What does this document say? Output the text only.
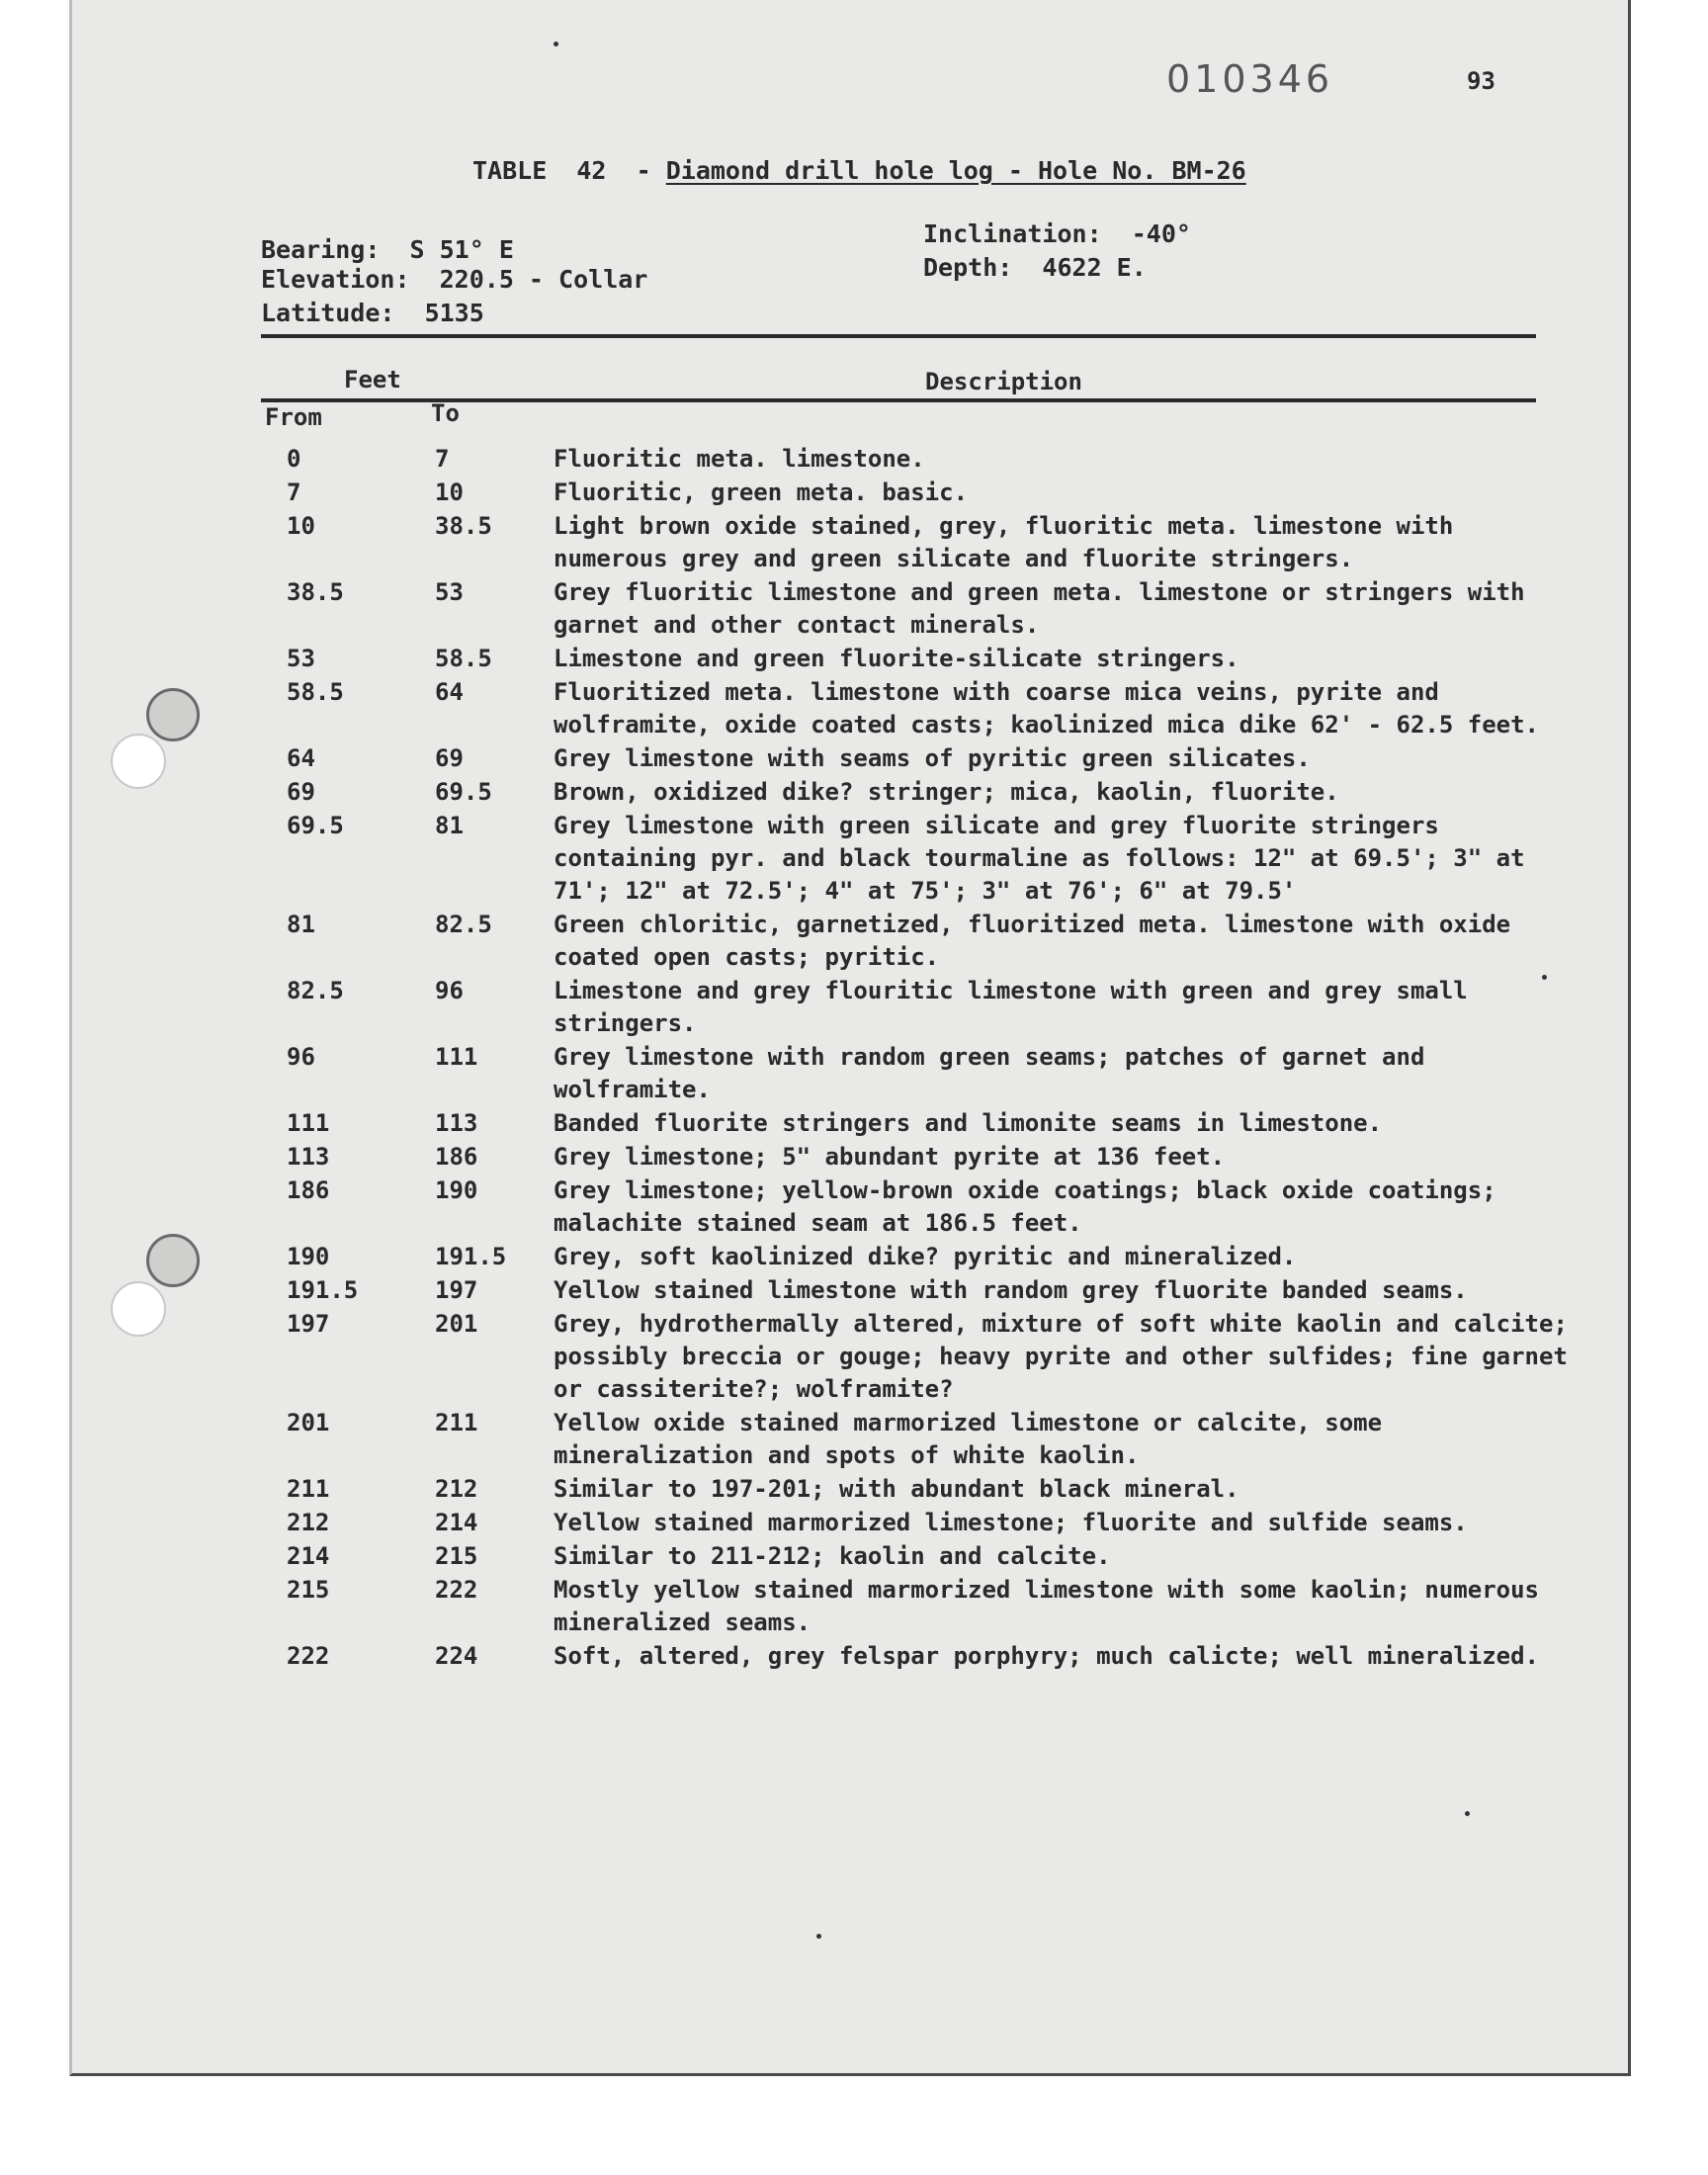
010346	93
TABLE 42 - Diamond drill hole log - Hole No. BM-26
Bearing: S 51° E
Elevation: 220.5 - Collar
Latitude: 5135
Inclination: -40°
Depth: 4622 E.
Feet
From	To
Description
0	7	Fluoritic meta. limestone.
7	10	Fluoritic, green meta. basic.
10	38.5	Light brown oxide stained, grey, fluoritic meta. limestone with numerous grey and green silicate and fluorite stringers.
38.5	53	Grey fluoritic limestone and green meta. limestone or stringers with garnet and other contact minerals.
53	58.5	Limestone and green fluorite-silicate stringers.
58.5	64	Fluoritized meta. limestone with coarse mica veins, pyrite and wolframite, oxide coated casts; kaolinized mica dike 62' - 62.5 feet.
64	69	Grey limestone with seams of pyritic green silicates.
69	69.5	Brown, oxidized dike? stringer; mica, kaolin, fluorite.
69.5	81	Grey limestone with green silicate and grey fluorite stringers containing pyr. and black tourmaline as follows: 12" at 69.5'; 3" at 71'; 12" at 72.5'; 4" at 75'; 3" at 76'; 6" at 79.5'
81	82.5	Green chloritic, garnetized, fluoritized meta. limestone with oxide coated open casts; pyritic.
82.5	96	Limestone and grey flouritic limestone with green and grey small stringers.
96	111	Grey limestone with random green seams; patches of garnet and wolframite.
111	113	Banded fluorite stringers and limonite seams in limestone.
113	186	Grey limestone; 5" abundant pyrite at 136 feet.
186	190	Grey limestone; yellow-brown oxide coatings; black oxide coatings; malachite stained seam at 186.5 feet.
190	191.5	Grey, soft kaolinized dike? pyritic and mineralized.
191.5	197	Yellow stained limestone with random grey fluorite banded seams.
197	201	Grey, hydrothermally altered, mixture of soft white kaolin and calcite; possibly breccia or gouge; heavy pyrite and other sulfides; fine garnet or cassiterite?; wolframite?
201	211	Yellow oxide stained marmorized limestone or calcite, some mineralization and spots of white kaolin.
211	212	Similar to 197-201; with abundant black mineral.
212	214	Yellow stained marmorized limestone; fluorite and sulfide seams.
214	215	Similar to 211-212; kaolin and calcite.
215	222	Mostly yellow stained marmorized limestone with some kaolin; numerous mineralized seams.
222	224	Soft, altered, grey felspar porphyry; much calicte; well mineralized.
